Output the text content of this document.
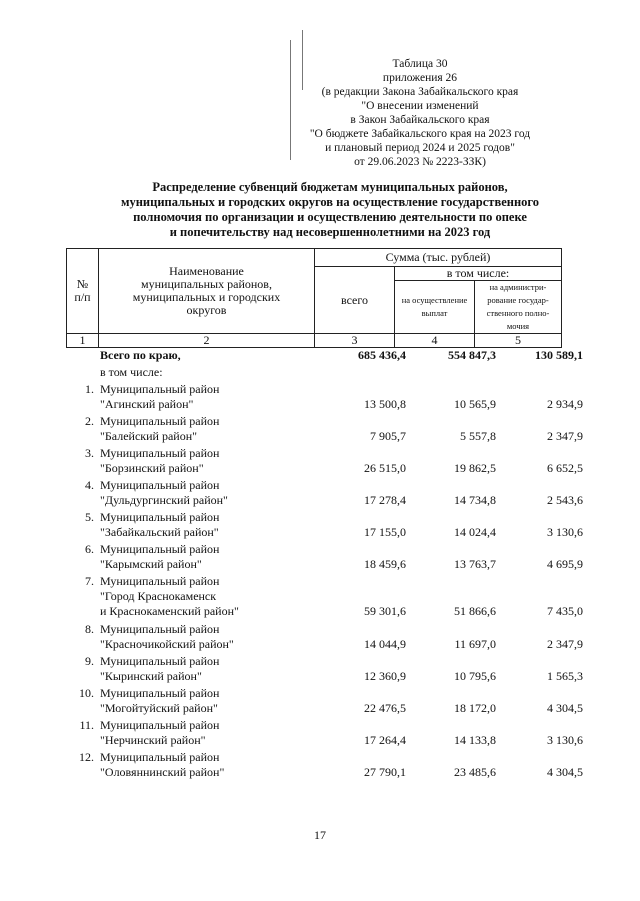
Таблица 30
приложения 26
(в редакции Закона Забайкальского края
"О внесении изменений
в Закон Забайкальского края
"О бюджете Забайкальского края на 2023 год
и плановый период 2024 и 2025 годов"
от 29.06.2023 № 2223-ЗЗК)
Распределение субвенций бюджетам муниципальных районов,
муниципальных и городских округов на осуществление государственного
полномочия по организации и осуществлению деятельности по опеке
и попечительству над несовершеннолетними на 2023 год
№ п/п	Наименование муниципальных районов, муниципальных и городских округов	Сумма (тыс. рублей)		
		всего	в том числе:	
			на осуществление выплат	на администри-рование государ-ственного полно-мочия
1	2	3	4	5
Всего по краю,	685 436,4	554 847,3	130 589,1
в том числе:
1. Муниципальный район
"Агинский район"	13 500,8	10 565,9	2 934,9
2. Муниципальный район
"Балейский район"	7 905,7	5 557,8	2 347,9
3. Муниципальный район
"Борзинский район"	26 515,0	19 862,5	6 652,5
4. Муниципальный район
"Дульдургинский район"	17 278,4	14 734,8	2 543,6
5. Муниципальный район
"Забайкальский район"	17 155,0	14 024,4	3 130,6
6. Муниципальный район
"Карымский район"	18 459,6	13 763,7	4 695,9
7. Муниципальный район
"Город Краснокаменск
и Краснокаменский район"	59 301,6	51 866,6	7 435,0
8. Муниципальный район
"Красночикойский район"	14 044,9	11 697,0	2 347,9
9. Муниципальный район
"Кыринский район"	12 360,9	10 795,6	1 565,3
10. Муниципальный район
"Могойтуйский район"	22 476,5	18 172,0	4 304,5
11. Муниципальный район
"Нерчинский район"	17 264,4	14 133,8	3 130,6
12. Муниципальный район
"Оловяннинский район"	27 790,1	23 485,6	4 304,5
17
